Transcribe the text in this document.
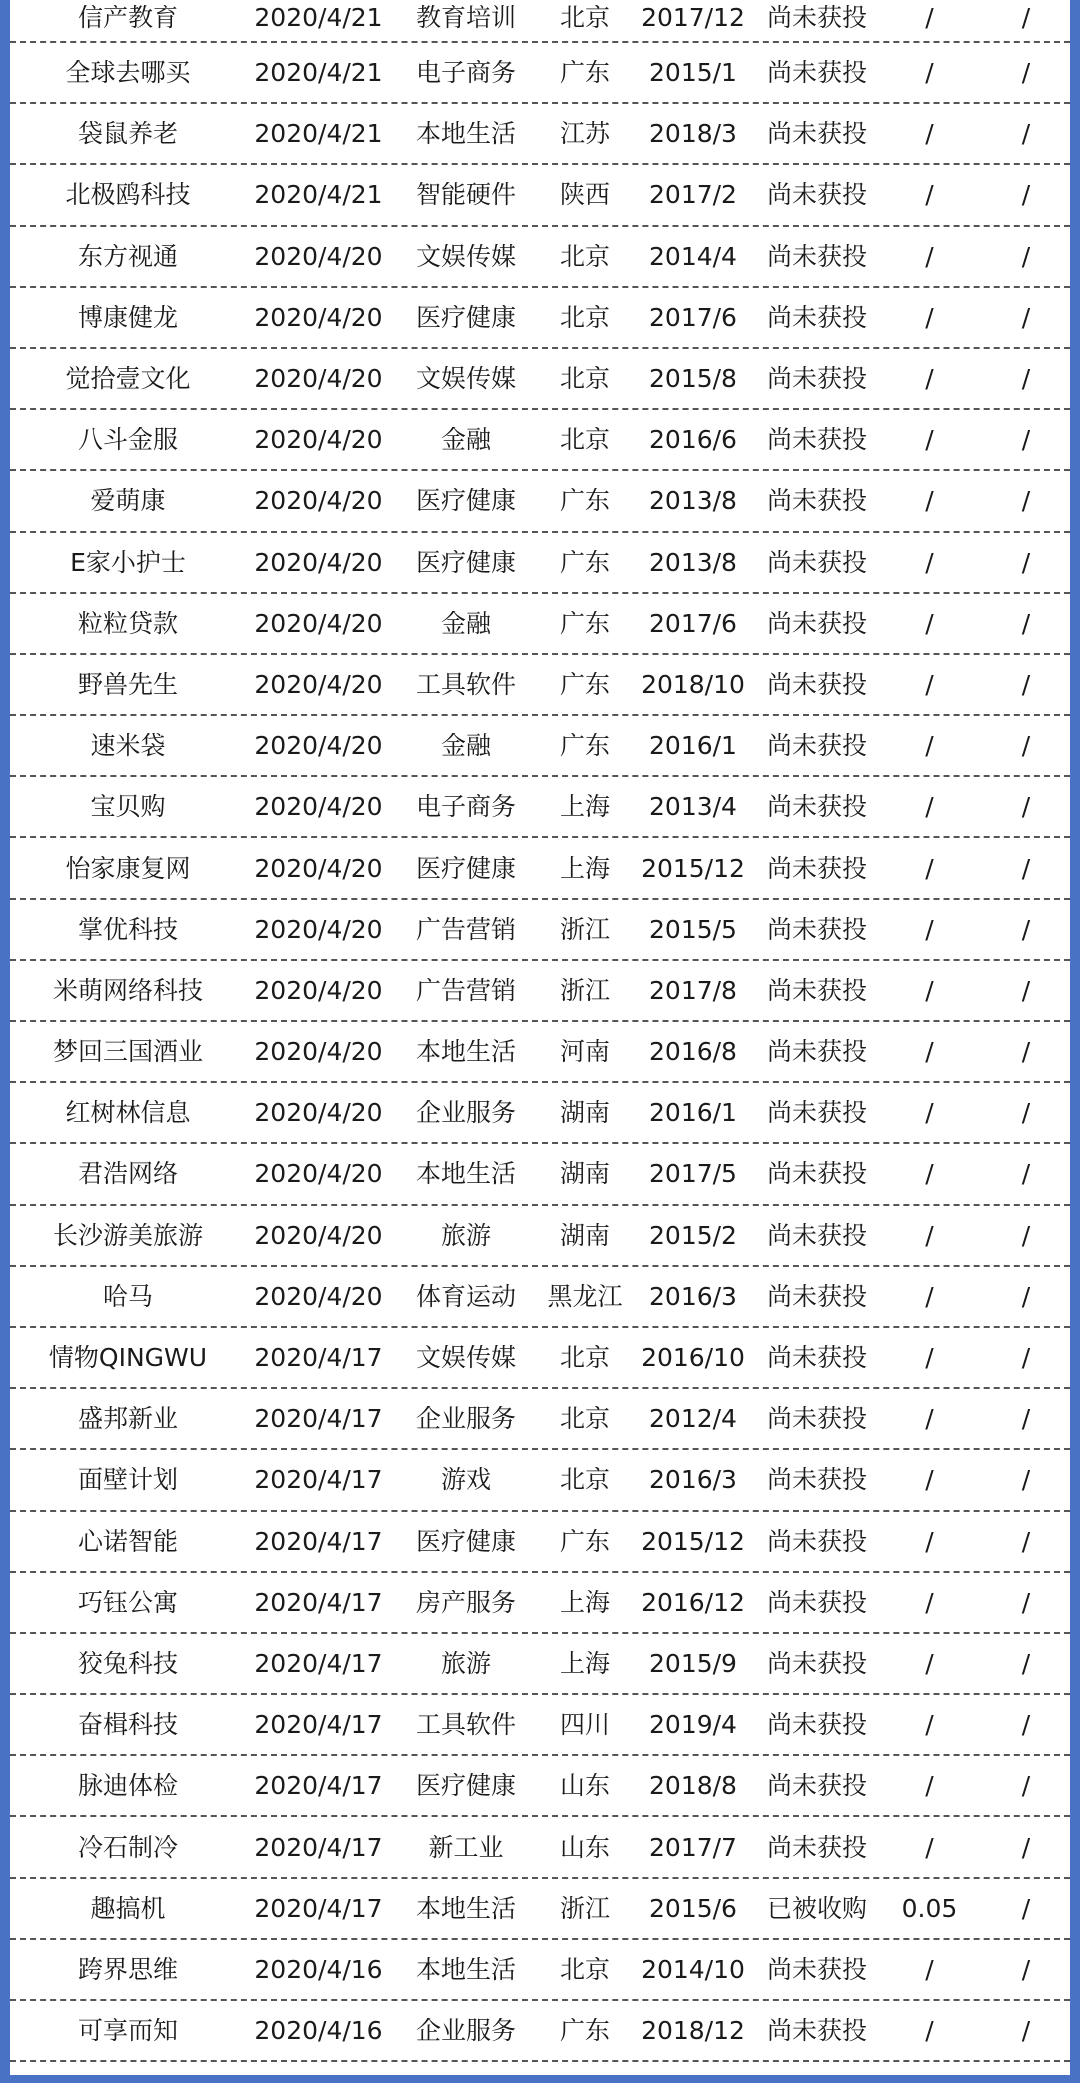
信产教育	2020/4/21	教育培训	北京	2017/12 尚未获投	/	/
全球去哪买	2020/4/21	电子商务	广东	2015/1	尚未获投	/	/
袋鼠养老	2020/4/21	本地生活	江苏	2018/3	尚未获投	/	/
北极鸥科技	2020/4/21	智能硬件	陕西	2017/2	尚未获投	/	/
东方视通	2020/4/20	文娱传媒	北京	2014/4	尚未获投	/	/
博康健龙	2020/4/20	医疗健康	北京	2017/6	尚未获投	/	/
觉拾壹文化	2020/4/20	文娱传媒	北京	2015/8	尚未获投	/	/
八斗金服	2020/4/20	金融	北京	2016/6	尚未获投	/	/
爱萌康	2020/4/20	医疗健康	广东	2013/8	尚未获投	/	/
E家小护士	2020/4/20	医疗健康	广东	2013/8	尚未获投	/	/
粒粒贷款	2020/4/20	金融	广东	2017/6	尚未获投	/	/
野兽先生	2020/4/20	工具软件	广东	2018/10 尚未获投	/	/
速米袋	2020/4/20	金融	广东	2016/1	尚未获投	/	/
宝贝购	2020/4/20	电子商务	上海	2013/4	尚未获投	/	/
怡家康复网	2020/4/20	医疗健康	上海	2015/12 尚未获投	/	/
掌优科技	2020/4/20	广告营销	浙江	2015/5	尚未获投	/	/
米萌网络科技	2020/4/20	广告营销	浙江	2017/8	尚未获投	/	/
梦回三国酒业	2020/4/20	本地生活	河南	2016/8	尚未获投	/	/
红树林信息	2020/4/20	企业服务	湖南	2016/1	尚未获投	/	/
君浩网络	2020/4/20	本地生活	湖南	2017/5	尚未获投	/	/
长沙游美旅游	2020/4/20	旅游	湖南	2015/2	尚未获投	/	/
哈马	2020/4/20	体育运动	黑龙江	2016/3	尚未获投	/	/
情物QINGWU	2020/4/17	文娱传媒	北京	2016/10 尚未获投	/	/
盛邦新业	2020/4/17	企业服务	北京	2012/4	尚未获投	/	/
面壁计划	2020/4/17	游戏	北京	2016/3	尚未获投	/	/
心诺智能	2020/4/17	医疗健康	广东	2015/12 尚未获投	/	/
巧钰公寓	2020/4/17	房产服务	上海	2016/12 尚未获投	/	/
狡兔科技	2020/4/17	旅游	上海	2015/9	尚未获投	/	/
奋楫科技	2020/4/17	工具软件	四川	2019/4	尚未获投	/	/
脉迪体检	2020/4/17	医疗健康	山东	2018/8	尚未获投	/	/
冷石制冷	2020/4/17	新工业	山东	2017/7	尚未获投	/	/
趣搞机	2020/4/17	本地生活	浙江	2015/6	已被收购	0.05	/
跨界思维	2020/4/16	本地生活	北京	2014/10 尚未获投	/	/
可享而知	2020/4/16	企业服务	广东	2018/12 尚未获投	/	/
